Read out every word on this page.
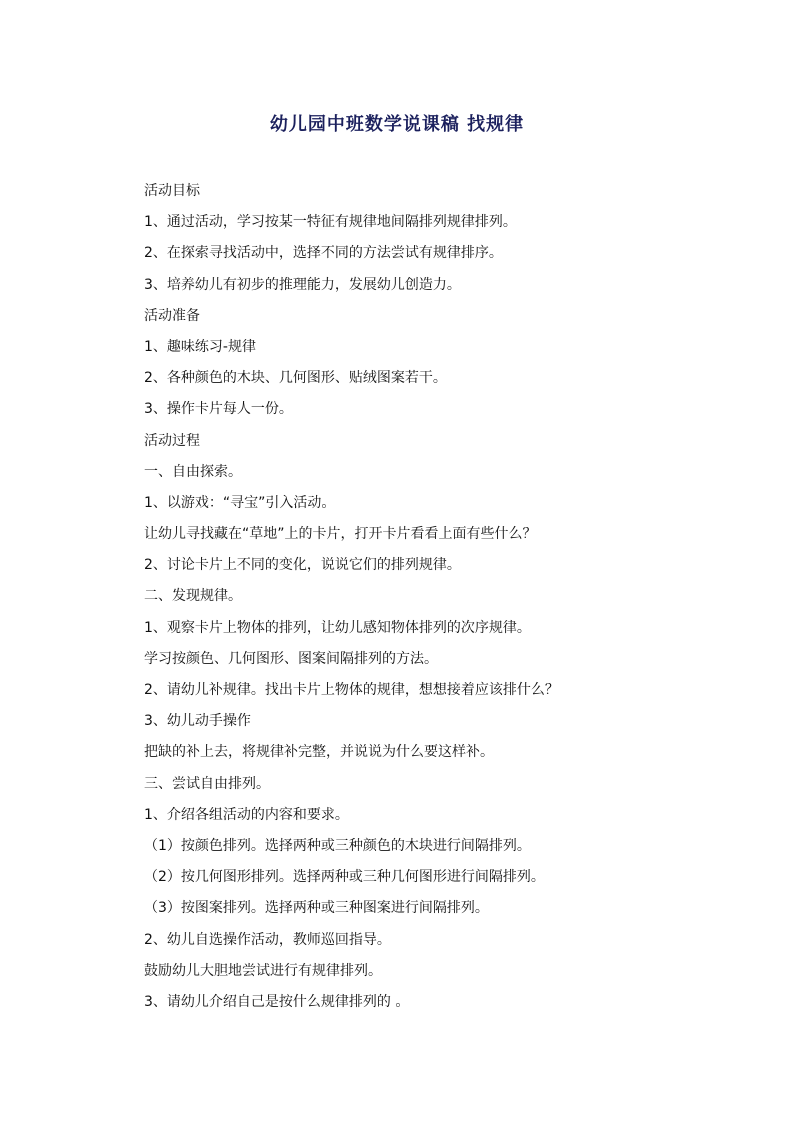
幼儿园中班数学说课稿 找规律
活动目标
1、通过活动，学习按某一特征有规律地间隔排列规律排列。
2、在探索寻找活动中，选择不同的方法尝试有规律排序。
3、培养幼儿有初步的推理能力，发展幼儿创造力。
活动准备
1、趣味练习-规律
2、各种颜色的木块、几何图形、贴绒图案若干。
3、操作卡片每人一份。
活动过程
一、自由探索。
1、以游戏：“寻宝”引入活动。
让幼儿寻找藏在“草地”上的卡片，打开卡片看看上面有些什么？
2、讨论卡片上不同的变化，说说它们的排列规律。
二、发现规律。
1、观察卡片上物体的排列，让幼儿感知物体排列的次序规律。
学习按颜色、几何图形、图案间隔排列的方法。
2、请幼儿补规律。找出卡片上物体的规律，想想接着应该排什么？
3、幼儿动手操作
把缺的补上去，将规律补完整，并说说为什么要这样补。
三、尝试自由排列。
1、介绍各组活动的内容和要求。
（1）按颜色排列。选择两种或三种颜色的木块进行间隔排列。
（2）按几何图形排列。选择两种或三种几何图形进行间隔排列。
（3）按图案排列。选择两种或三种图案进行间隔排列。
2、幼儿自选操作活动，教师巡回指导。
鼓励幼儿大胆地尝试进行有规律排列。
3、请幼儿介绍自己是按什么规律排列的 。
